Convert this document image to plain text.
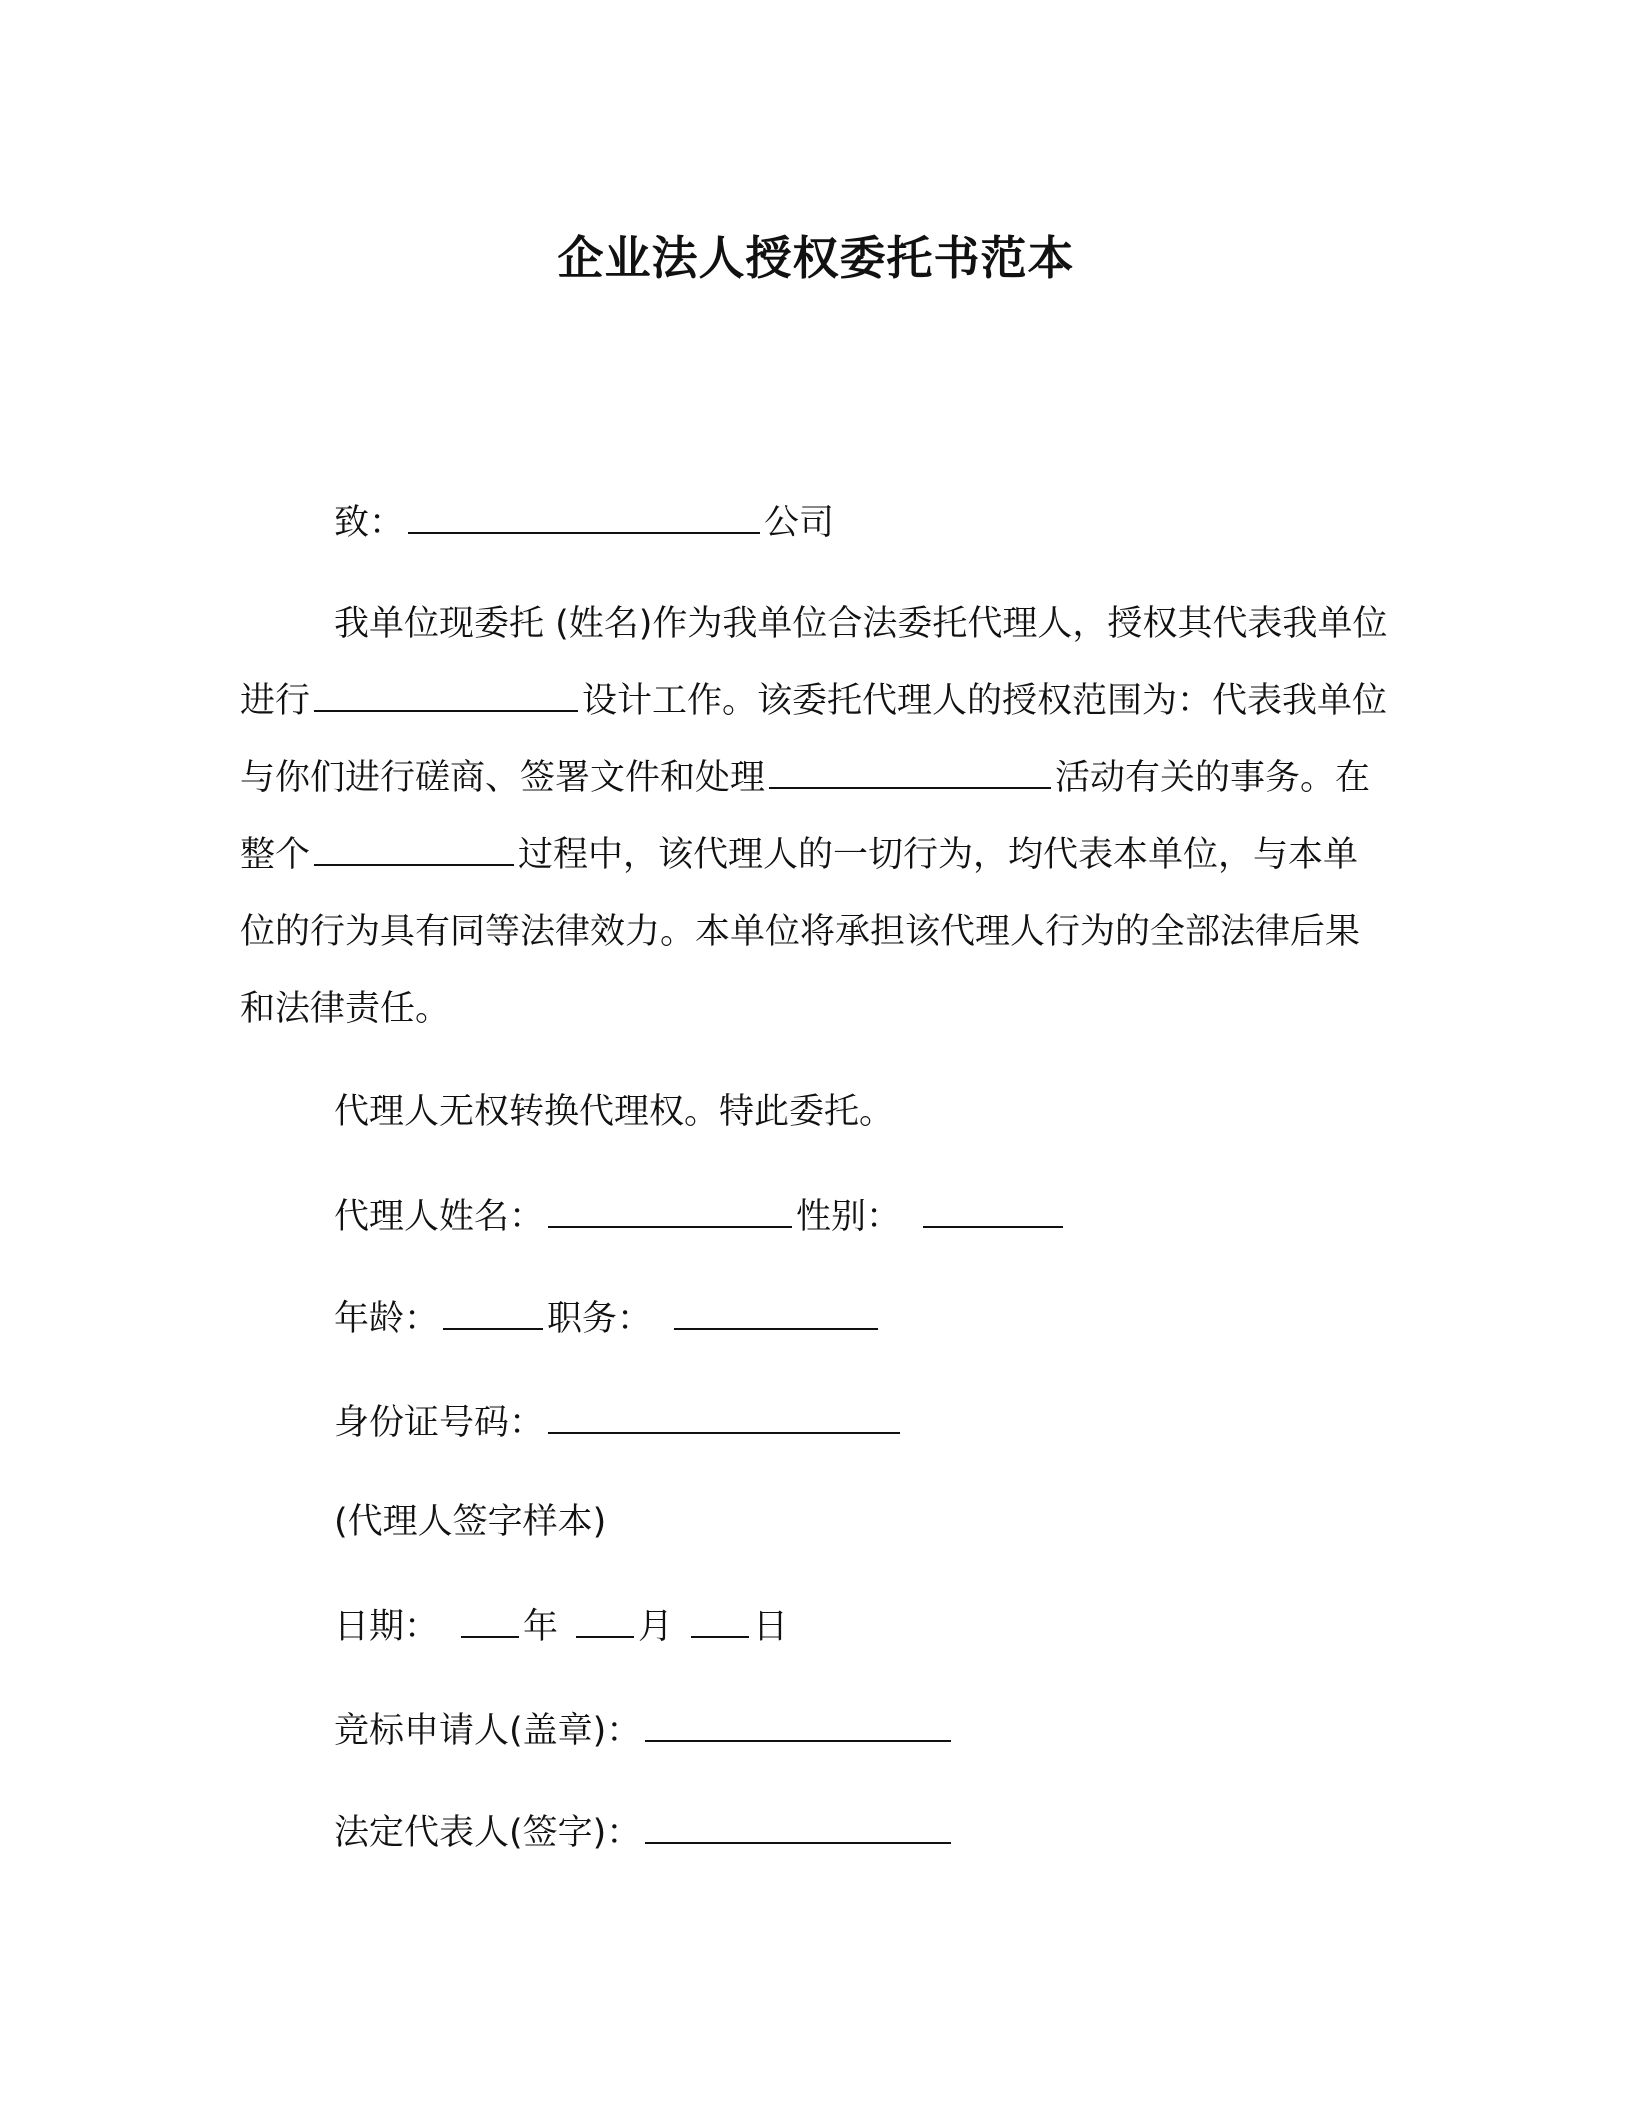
企业法人授权委托书范本
致：	公司
我单位现委托 (姓名)作为我单位合法委托代理人，授权其代表我单位进行	设计工作。该委托代理人的授权范围为：代表我单位与你们进行磋商、签署文件和处理	活动有关的事务。在整个	过程中，该代理人的一切行为，均代表本单位，与本单位的行为具有同等法律效力。本单位将承担该代理人行为的全部法律后果和法律责任。
代理人无权转换代理权。特此委托。
代理人姓名：	性别：
年龄：	职务：
身份证号码：
(代理人签字样本)
日期： 年 月 日
竞标申请人(盖章)：
法定代表人(签字)：
